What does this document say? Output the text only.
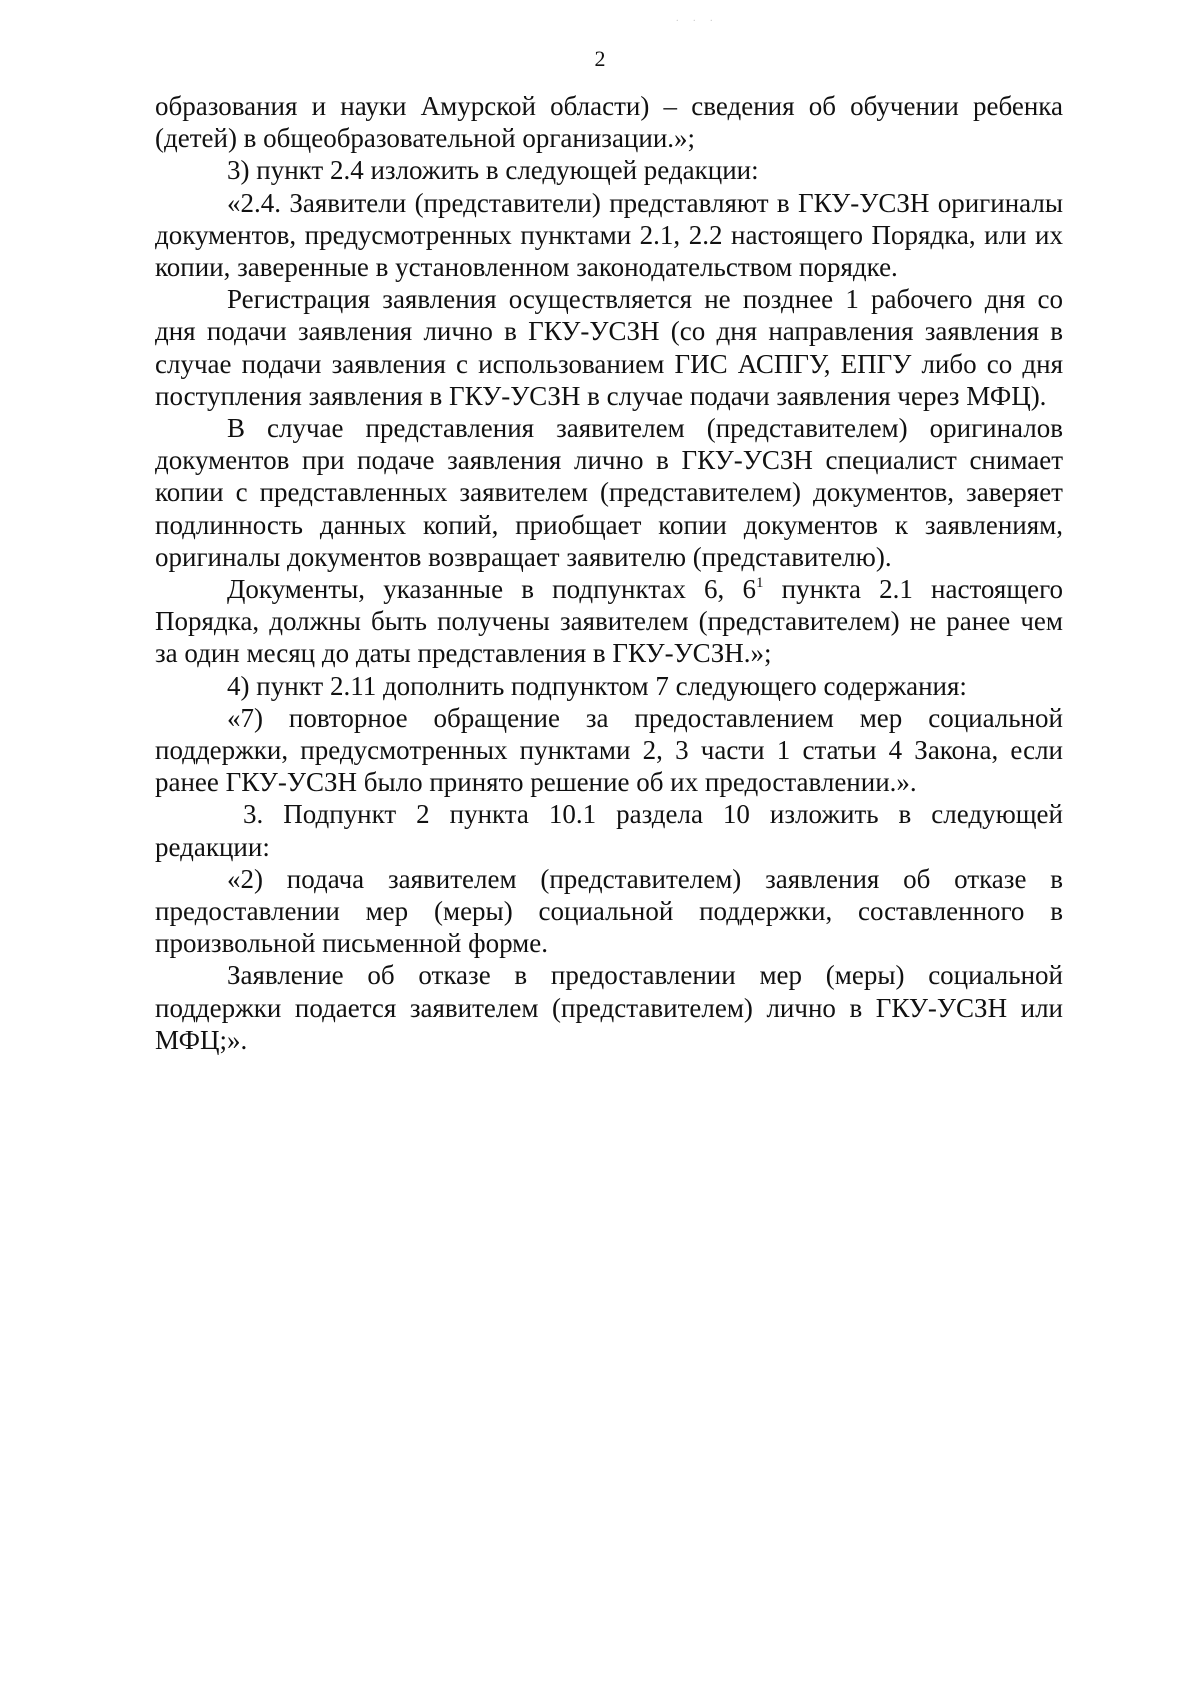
. . .
2

образования и науки Амурской области) – сведения об обучении ребенка (детей) в общеобразовательной организации.»;

3) пункт 2.4 изложить в следующей редакции:

«2.4. Заявители (представители) представляют в ГКУ-УСЗН оригиналы документов, предусмотренных пунктами 2.1, 2.2 настоящего Порядка, или их копии, заверенные в установленном законодательством порядке.

Регистрация заявления осуществляется не позднее 1 рабочего дня со дня подачи заявления лично в ГКУ-УСЗН (со дня направления заявления в случае подачи заявления с использованием ГИС АСПГУ, ЕПГУ либо со дня поступления заявления в ГКУ-УСЗН в случае подачи заявления через МФЦ).

В случае представления заявителем (представителем) оригиналов документов при подаче заявления лично в ГКУ-УСЗН специалист снимает копии с представленных заявителем (представителем) документов, заверяет подлинность данных копий, приобщает копии документов к заявлениям, оригиналы документов возвращает заявителю (представителю).

Документы, указанные в подпунктах 6, $6^1$ пункта 2.1 настоящего Порядка, должны быть получены заявителем (представителем) не ранее чем за один месяц до даты представления в ГКУ-УСЗН.»;

4) пункт 2.11 дополнить подпунктом 7 следующего содержания:

«7) повторное обращение за предоставлением мер социальной поддержки, предусмотренных пунктами 2, 3 части 1 статьи 4 Закона, если ранее ГКУ-УСЗН было принято решение об их предоставлении.».

3. Подпункт 2 пункта 10.1 раздела 10 изложить в следующей редакции:

«2) подача заявителем (представителем) заявления об отказе в предоставлении мер (меры) социальной поддержки, составленного в произвольной письменной форме.

Заявление об отказе в предоставлении мер (меры) социальной поддержки подается заявителем (представителем) лично в ГКУ-УСЗН или МФЦ;».
